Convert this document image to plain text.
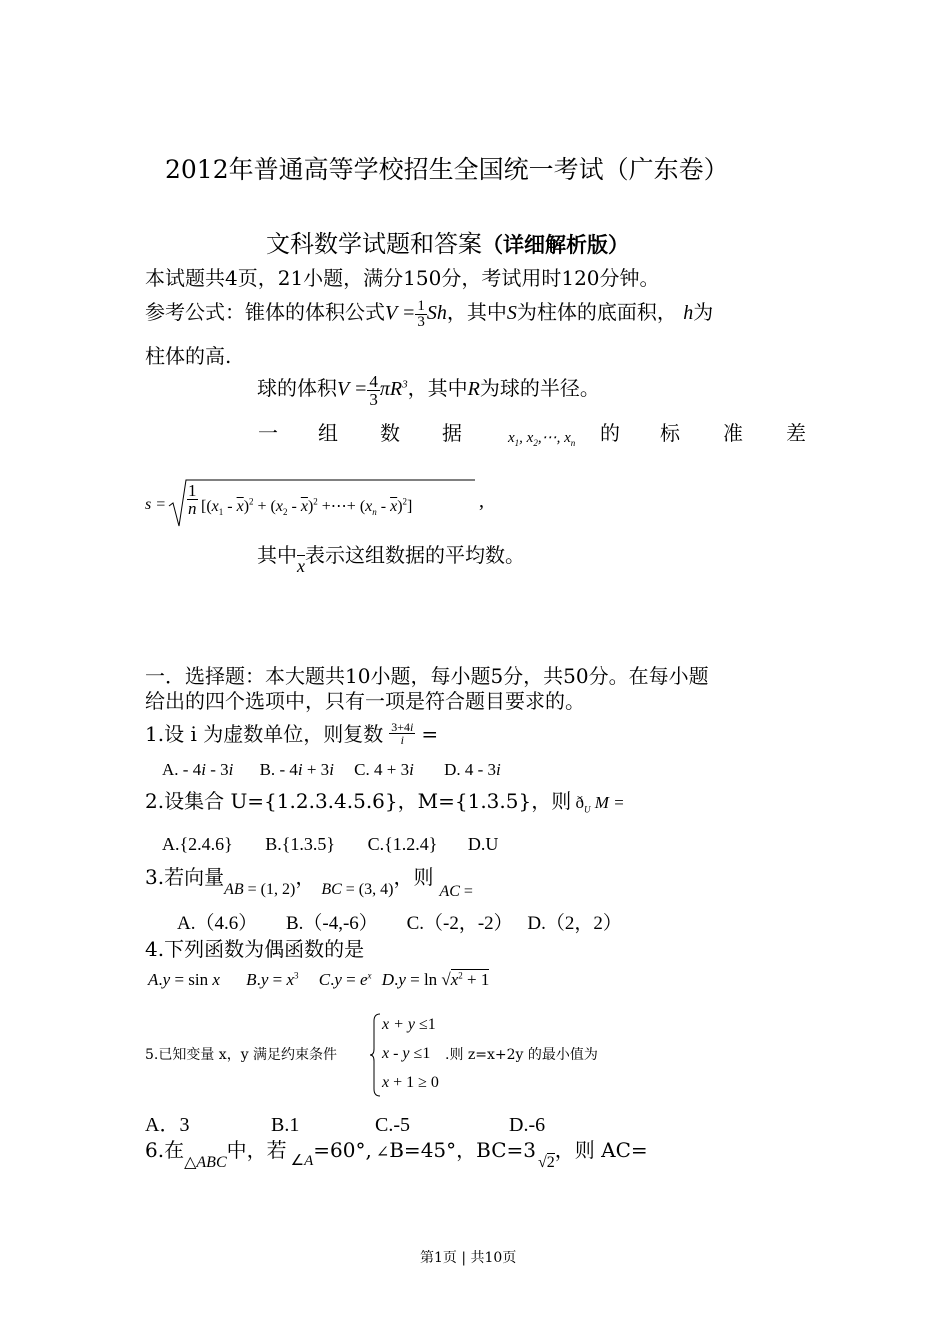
2012年普通高等学校招生全国统一考试（广东卷）
文科数学试题和答案（详细解析版）
本试题共4页，21小题，满分150分，考试用时120分钟。
参考公式：锥体的体积公式$V = \frac{1}{3}$ Sh，其中S为柱体的底面积， h为
柱体的高.
球的体积$V = \frac{4}{3} \pi R^3$，其中R为球的半径。
一 组 数 据	$x_1$, $x_2,\cdots$, $x_n$ 的 标 准 差
s =
1
n [$(x_1 - \overline{x})^2 + (x_2 - \overline{x})^2$ +⋯+ $(x_n - \overline{x})^2$]	,
其中$\overline{x}$表示这组数据的平均数。
一．选择题：本大题共10小题，每小题5分，共50分。在每小题
给出的四个选项中，只有一项是符合题目要求的。
1.设 i 为虚数单位，则复数 $\frac{3+4i}{i}$ =
A. - 4i - 3i B. - 4i + 3i C. 4 + 3i D. 4 - 3i
2.设集合 U={1.2.3.4.5.6}，M={1.3.5}，则 $ð_U$ M =
A.{2.4.6} B.{1.3.5} C.{1.2.4} D.U
3.若向量$_{AB = (1, 2)}$，$_{BC = (3, 4)}$，则$_{AC =}$
A.（4.6） B.（-4,-6） C.（-2，-2） D.（2，2）
4.下列函数为偶函数的是
A.y = sin x $B.y = x^3$ $C.y = e^x$ $D.y = \ln √x^2 + 1$
5.已知变量 x，y 满足约束条件
x + y ≤1
x - y ≤1
x + 1 ≥ 0
.则 z=x+2y 的最小值为
A．3	B.1	C.-5	D.-6
6.在$_{\triangle ABC}$中，若 $_{\angle A}$=60°, ∠B=45°，$BC=3_{√2}$，则 AC=
第1页 | 共10页
